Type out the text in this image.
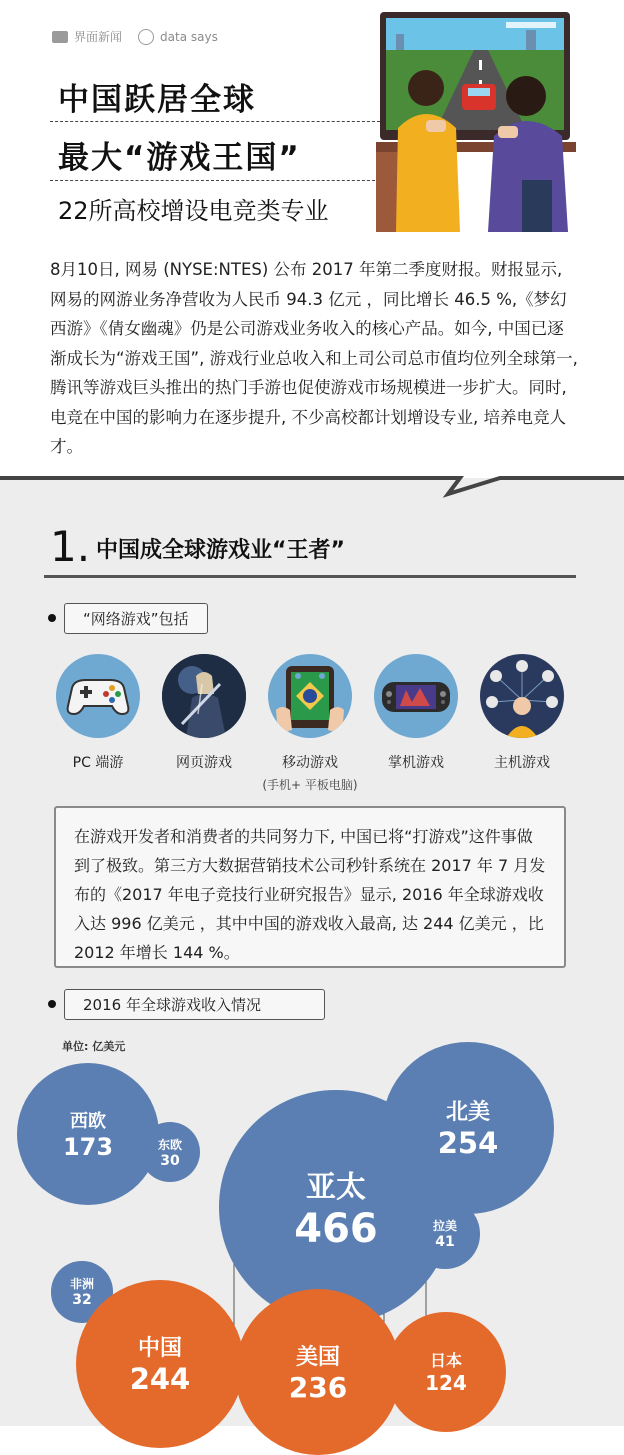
界面新闻	data says
中国跃居全球
最大“游戏王国”
22所高校增设电竞类专业
8月10日, 网易 (NYSE:NTES) 公布 2017 年第二季度财报。财报显示, 网易的网游业务净营收为人民币 94.3 亿元 ，同比增长 46.5 %,《梦幻西游》《倩女幽魂》仍是公司游戏业务收入的核心产品。如今, 中国已逐渐成长为“游戏王国”, 游戏行业总收入和上司公司总市值均位列全球第一, 腾讯等游戏巨头推出的热门手游也促使游戏市场规模进一步扩大。同时, 电竞在中国的影响力在逐步提升, 不少高校都计划增设专业, 培养电竞人才。
1. 中国成全球游戏业“王者”
“网络游戏”包括
PC 端游	网页游戏	移动游戏
(手机+ 平板电脑)
掌机游戏	主机游戏
在游戏开发者和消费者的共同努力下, 中国已将“打游戏”这件事做到了极致。第三方大数据营销技术公司秒针系统在 2017 年 7 月发布的《2017 年电子竞技行业研究报告》显示, 2016 年全球游戏收入达 996 亿美元 ，其中中国的游戏收入最高, 达 244 亿美元 ，比 2012 年增长 144 %。
2016 年全球游戏收入情况
单位: 亿美元
西欧
173	东欧
30
北美
254
亚太
466	拉美
41
非洲
32
中国
244
NO1
美国
236
NO2
日本
124
NO3
